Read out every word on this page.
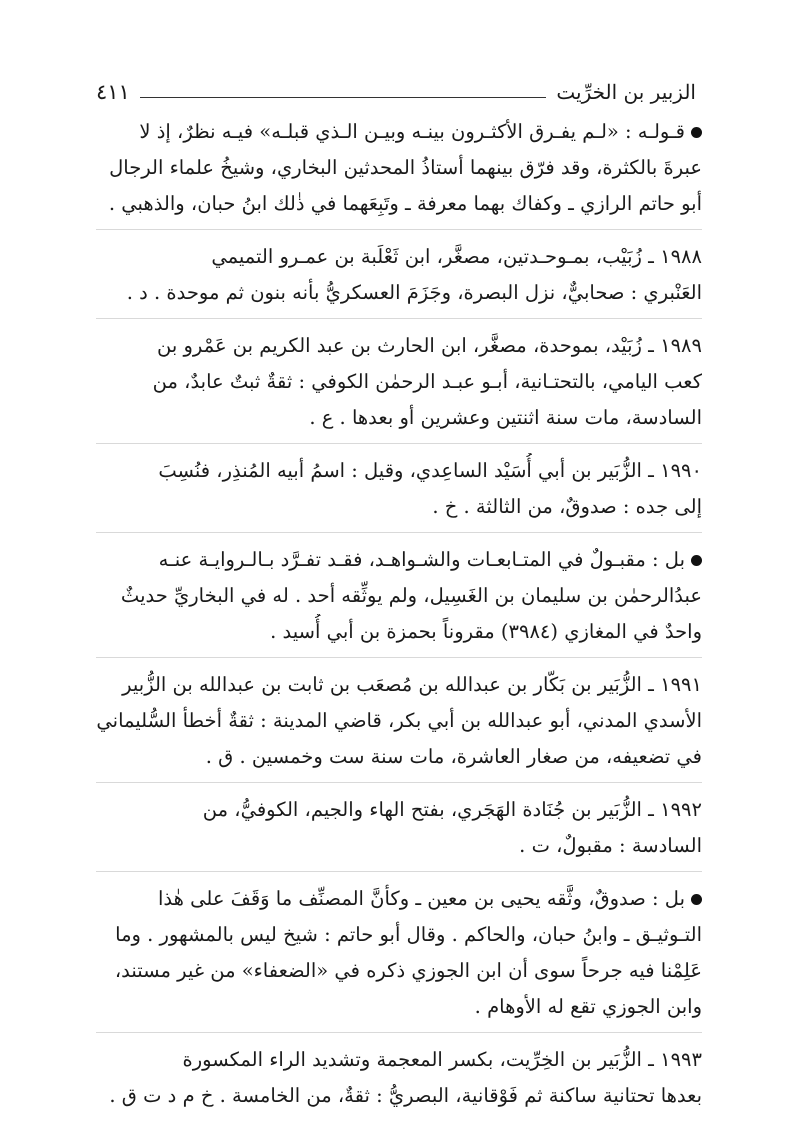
الزبير بن الخرِّيت
٤١١

قـولـه : «لـم يفـرق الأكثـرون بينـه وبيـن الـذي قبلـه» فيـه نظرٌ، إذ لا
عبرةَ بالكثرة، وقد فرّق بينهما أستاذُ المحدثين البخاري، وشيخُ علماء الرجال
أبو حاتم الرازي ـ وكفاك بهما معرفة ـ وتَبِعَهما في ذٰلك ابنُ حبان، والذهبي .

١٩٨٨ ـ زُبَيْب، بمـوحـدتين، مصغَّر، ابن ثَعْلَبة بن عمـرو التميمي
العَنْبري : صحابيٌّ، نزل البصرة، وجَزَمَ العسكريُّ بأنه بنون ثم موحدة . د .

١٩٨٩ ـ زُبَيْد، بموحدة، مصغَّر، ابن الحارث بن عبد الكريم بن عَمْرو بن
كعب اليامي، بالتحتـانية، أبـو عبـد الرحمٰن الكوفي : ثقةٌ ثبتٌ عابدٌ، من
السادسة، مات سنة اثنتين وعشرين أو بعدها . ع .

١٩٩٠ ـ الزُّبَير بن أبي أُسَيْد الساعِدي، وقيل : اسمُ أبيه المُنذِر، فنُسِبَ
إلى جده : صدوقٌ، من الثالثة . خ .

بل : مقبـولٌ في المتـابعـات والشـواهـد، فقـد تفـرَّد بـالـروايـة عنـه
عبدُالرحمٰن بن سليمان بن الغَسِيل، ولم يوثِّقه أحد . له في البخاريِّ حديثٌ
واحدٌ في المغازي (٣٩٨٤) مقروناً بحمزة بن أبي أُسيد .

١٩٩١ ـ الزُّبَير بن بَكّار بن عبدالله بن مُصعَب بن ثابت بن عبدالله بن الزُّبير
الأسدي المدني، أبو عبدالله بن أبي بكر، قاضي المدينة : ثقةٌ أخطأ السُّليماني
في تضعيفه، من صغار العاشرة، مات سنة ست وخمسين . ق .

١٩٩٢ ـ الزُّبَير بن جُنَادة الهَجَري، بفتح الهاء والجيم، الكوفيُّ، من
السادسة : مقبولٌ، ت .

بل : صدوقٌ، وثَّقه يحيى بن معين ـ وكأنَّ المصنِّف ما وَقَفَ على هٰذا
التـوثيـق ـ وابنُ حبان، والحاكم . وقال أبو حاتم : شيخ ليس بالمشهور . وما
عَلِمْنا فيه جرحاً سوى أن ابن الجوزي ذكره في «الضعفاء» من غير مستند،
وابن الجوزي تقع له الأوهام .

١٩٩٣ ـ الزُّبَير بن الخِرِّيت، بكسر المعجمة وتشديد الراء المكسورة
بعدها تحتانية ساكنة ثم فَوْقانية، البصريُّ : ثقةٌ، من الخامسة . خ م د ت ق .
